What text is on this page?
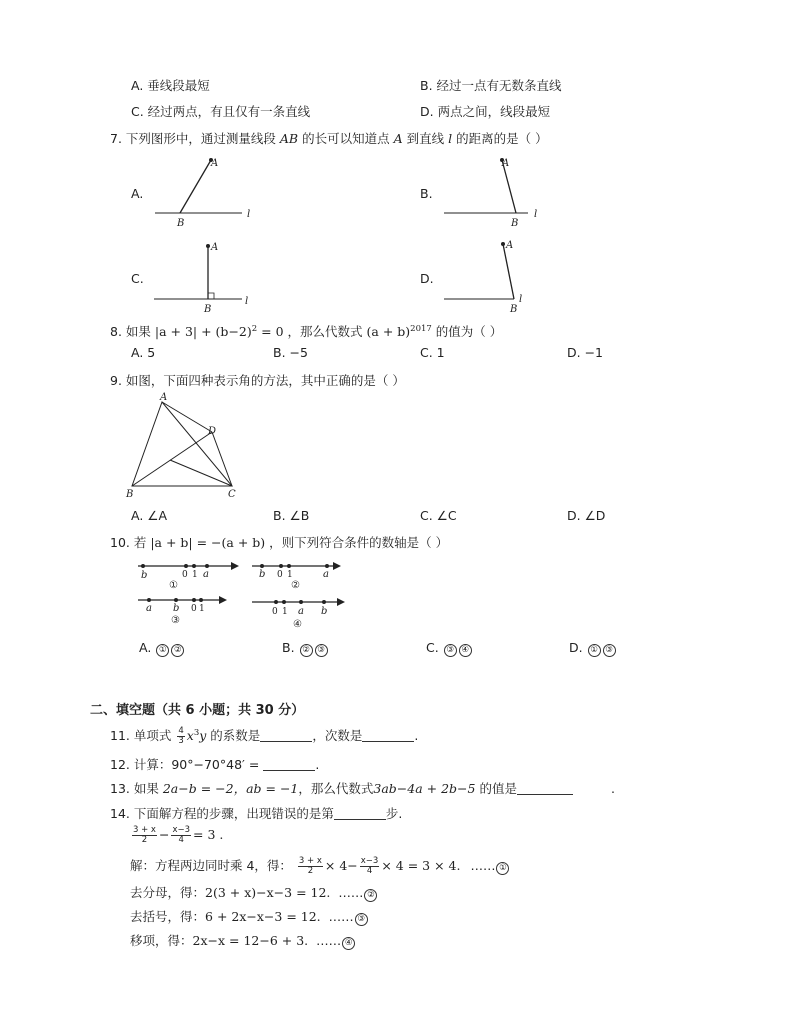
A. 垂线段最短	B. 经过一点有无数条直线
C. 经过两点，有且仅有一条直线	D. 两点之间，线段最短
7. 下列图形中，通过测量线段 AB 的长可以知道点 A 到直线 l 的距离的是（ ）
A.	B.
C.	D.
A
B
l
A
B
l
A
B
l
A
B
l
8. 如果 $|a + 3| + (b-2)^2 = 0$ ，那么代数式 $(a + b)^{2017}$ 的值为（ ）
A. 5	B. −5	C. 1	D. −1
9. 如图，下面四种表示角的方法，其中正确的是（ ）
A
B	C
D
A. ∠A	B. ∠B	C. ∠C	D. ∠D
10. 若 |a + b| = −(a + b) ，则下列符合条件的数轴是（ ）
b	0 1 a
①
b 0 1	a
②
a b 0 1
③
0 1 a b
④
A. ① ②	B. ② ③	C. ③ ④	D. ① ③
二、填空题（共 6 小题；共 30 分）
11. 单项式 $\frac{4}{3} x^3y$ 的系数是	，次数是	.
12. 计算：90°−70°48′ =	.
13. 如果 2a−b = −2，ab = −1，那么代数式3ab−4a + 2b−5 的值是	.
14. 下面解方程的步骤，出现错误的是第	步.
$\frac{3 + x}{2} - \frac{x-3}{4} = 3$ .
解：方程两边同时乘 4，得： $\frac{3 + x}{2} \times 4- \frac{x-3}{4} \times 4 = 3 \times 4$. …… ①
去分母，得：2(3 + x)−x−3 = 12. …… ②
去括号，得：6 + 2x−x−3 = 12. …… ③
移项，得：2x−x = 12−6 + 3. …… ④
